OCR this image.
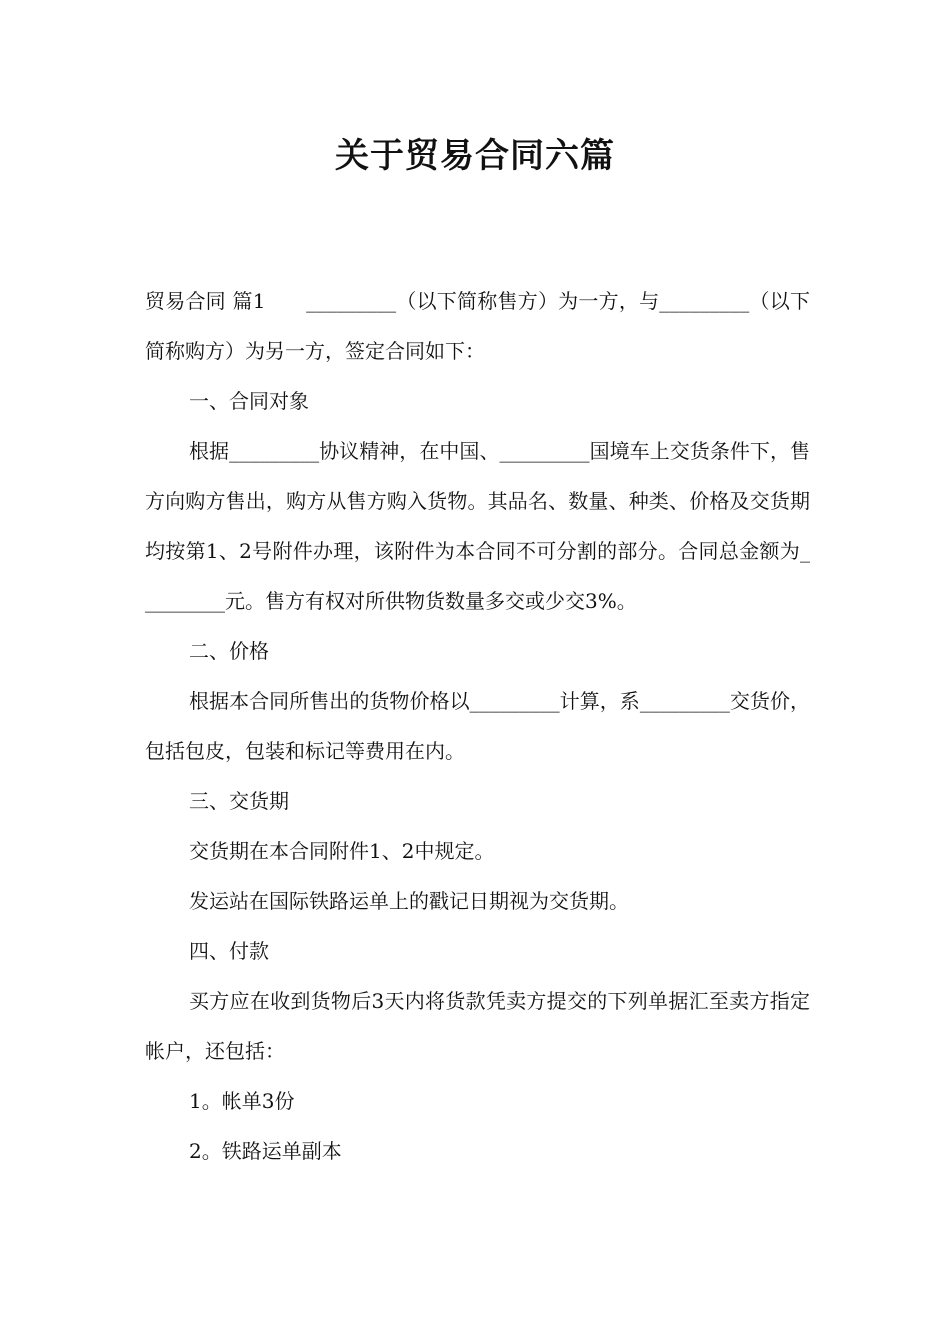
关于贸易合同六篇

贸易合同 篇1　　_________（以下简称售方）为一方，与_________（以下简称购方）为另一方，签定合同如下：

一、合同对象

根据_________协议精神，在中国、_________国境车上交货条件下，售方向购方售出，购方从售方购入货物。其品名、数量、种类、价格及交货期均按第1、2号附件办理，该附件为本合同不可分割的部分。合同总金额为_________元。售方有权对所供物货数量多交或少交3%。

二、价格

根据本合同所售出的货物价格以_________计算，系_________交货价，包括包皮，包装和标记等费用在内。

三、交货期

交货期在本合同附件1、2中规定。

发运站在国际铁路运单上的戳记日期视为交货期。

四、付款

买方应在收到货物后3天内将货款凭卖方提交的下列单据汇至卖方指定帐户，还包括：

1。帐单3份

2。铁路运单副本
